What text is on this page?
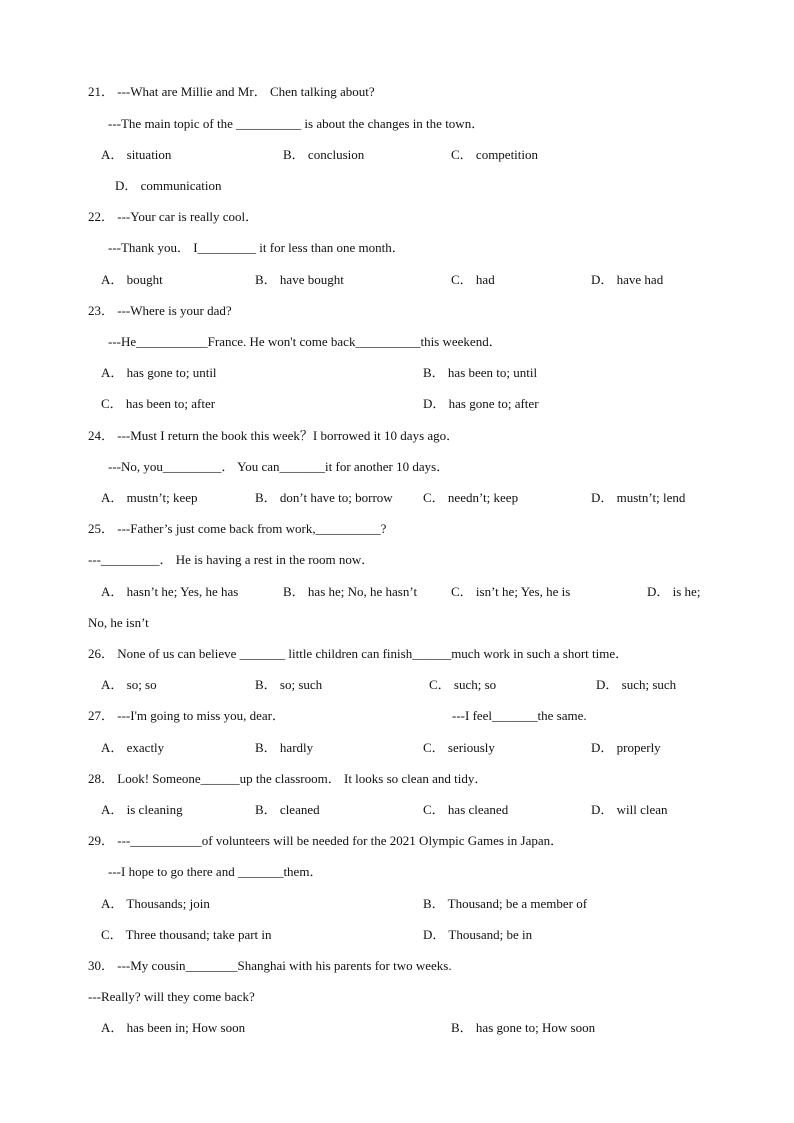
21． ---What are Millie and Mr． Chen talking about?
---The main topic of the __________ is about the changes in the town．
A． situation	B． conclusion	C． competition
D． communication
22． ---Your car is really cool．
---Thank you． I_________ it for less than one month．
A． bought	B． have bought	C． had	D． have had
23． ---Where is your dad?
---He___________France. He won't come back__________this weekend．
A． has gone to; until	B． has been to; until
C． has been to; after	D． has gone to; after
24． ---Must I return the book this week？I borrowed it 10 days ago．
---No, you_________． You can_______it for another 10 days．
A． mustn’t; keep	B． don’t have to; borrow C． needn’t; keep	D． mustn’t; lend
25． ---Father’s just come back from work,__________?
---_________． He is having a rest in the room now．
A． hasn’t he; Yes, he has	B． has he; No, he hasn’t	C． isn’t he; Yes, he is	D． is he;
No, he isn’t
26． None of us can believe _______ little children can finish______much work in such a short time．
A． so; so	B． so; such	C． such; so	D． such; such
27． ---I'm going to miss you, dear．	---I feel_______the same.
A． exactly	B． hardly	C． seriously	D． properly
28． Look! Someone______up the classroom． It looks so clean and tidy．
A． is cleaning	B． cleaned	C． has cleaned	D． will clean
29． ---___________of volunteers will be needed for the 2021 Olympic Games in Japan．
---I hope to go there and _______them．
A． Thousands; join	B． Thousand; be a member of
C． Three thousand; take part in	D． Thousand; be in
30． ---My cousin________Shanghai with his parents for two weeks.
---Really? will they come back?
A． has been in; How soon	B． has gone to; How soon
